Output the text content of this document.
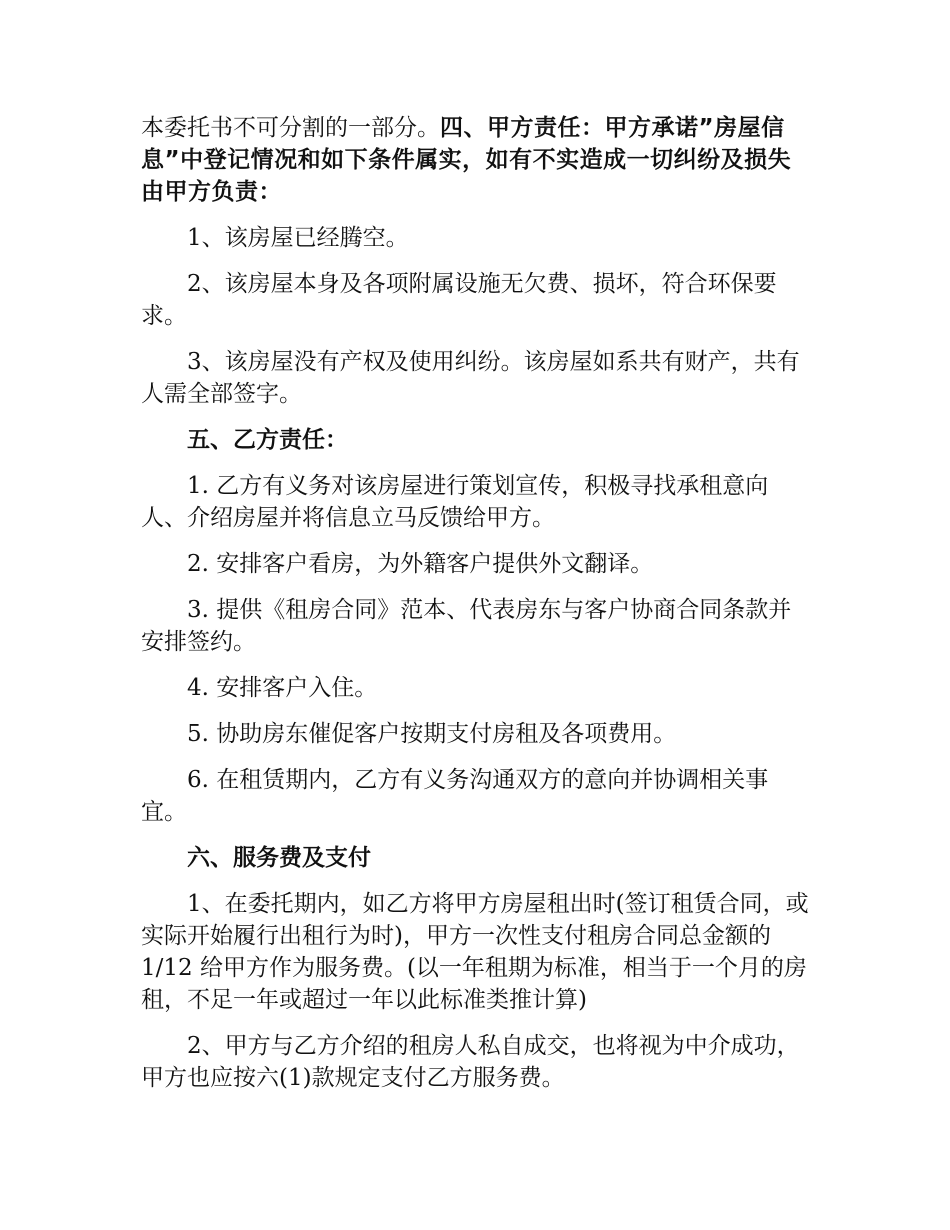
本委托书不可分割的一部分。四、甲方责任：甲方承诺”房屋信息”中登记情况和如下条件属实，如有不实造成一切纠纷及损失由甲方负责：

1、该房屋已经腾空。

2、该房屋本身及各项附属设施无欠费、损坏，符合环保要求。

3、该房屋没有产权及使用纠纷。该房屋如系共有财产，共有人需全部签字。

五、乙方责任：

1. 乙方有义务对该房屋进行策划宣传，积极寻找承租意向人、介绍房屋并将信息立马反馈给甲方。

2. 安排客户看房，为外籍客户提供外文翻译。

3. 提供《租房合同》范本、代表房东与客户协商合同条款并安排签约。

4. 安排客户入住。

5. 协助房东催促客户按期支付房租及各项费用。

6. 在租赁期内，乙方有义务沟通双方的意向并协调相关事宜。

六、服务费及支付

1、在委托期内，如乙方将甲方房屋租出时(签订租赁合同，或实际开始履行出租行为时)，甲方一次性支付租房合同总金额的 1/12 给甲方作为服务费。(以一年租期为标准，相当于一个月的房租，不足一年或超过一年以此标准类推计算)

2、甲方与乙方介绍的租房人私自成交，也将视为中介成功，甲方也应按六(1)款规定支付乙方服务费。
